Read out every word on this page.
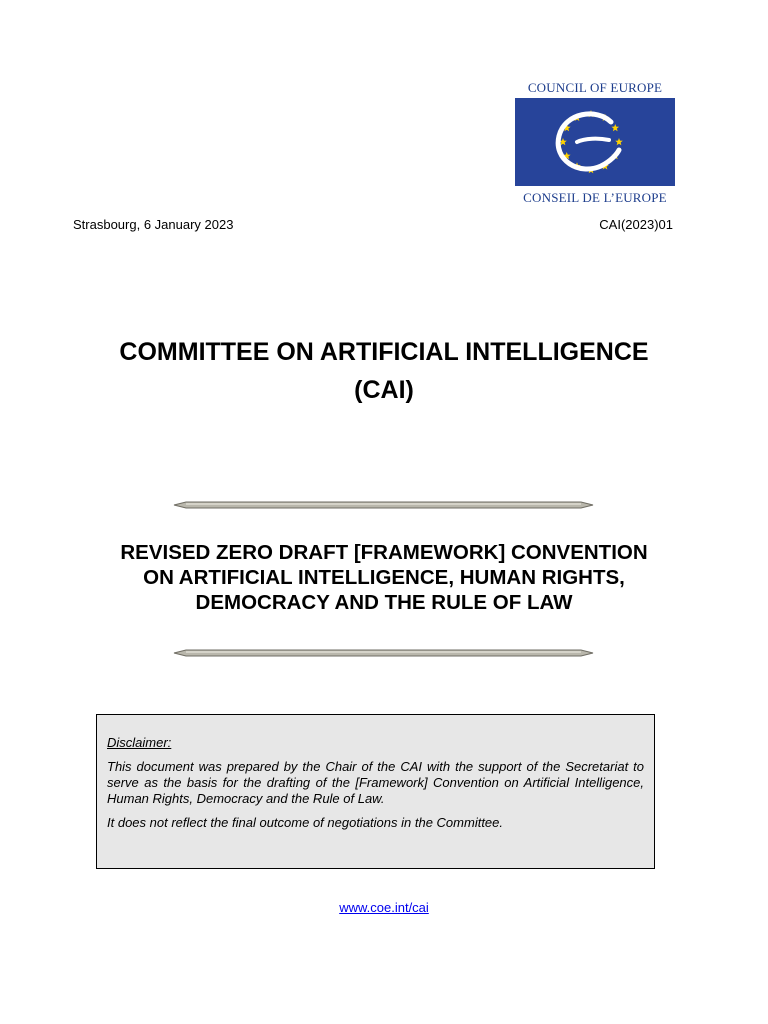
COUNCIL OF EUROPE
CONSEIL DE L’EUROPE
Strasbourg, 6 January 2023	CAI(2023)01
COMMITTEE ON ARTIFICIAL INTELLIGENCE
(CAI)
REVISED ZERO DRAFT [FRAMEWORK] CONVENTION
ON ARTIFICIAL INTELLIGENCE, HUMAN RIGHTS,
DEMOCRACY AND THE RULE OF LAW

Disclaimer:

This document was prepared by the Chair of the CAI with the support of the Secretariat to serve as the basis for the drafting of the [Framework] Convention on Artificial Intelligence, Human Rights, Democracy and the Rule of Law.

It does not reflect the final outcome of negotiations in the Committee.

www.coe.int/cai
